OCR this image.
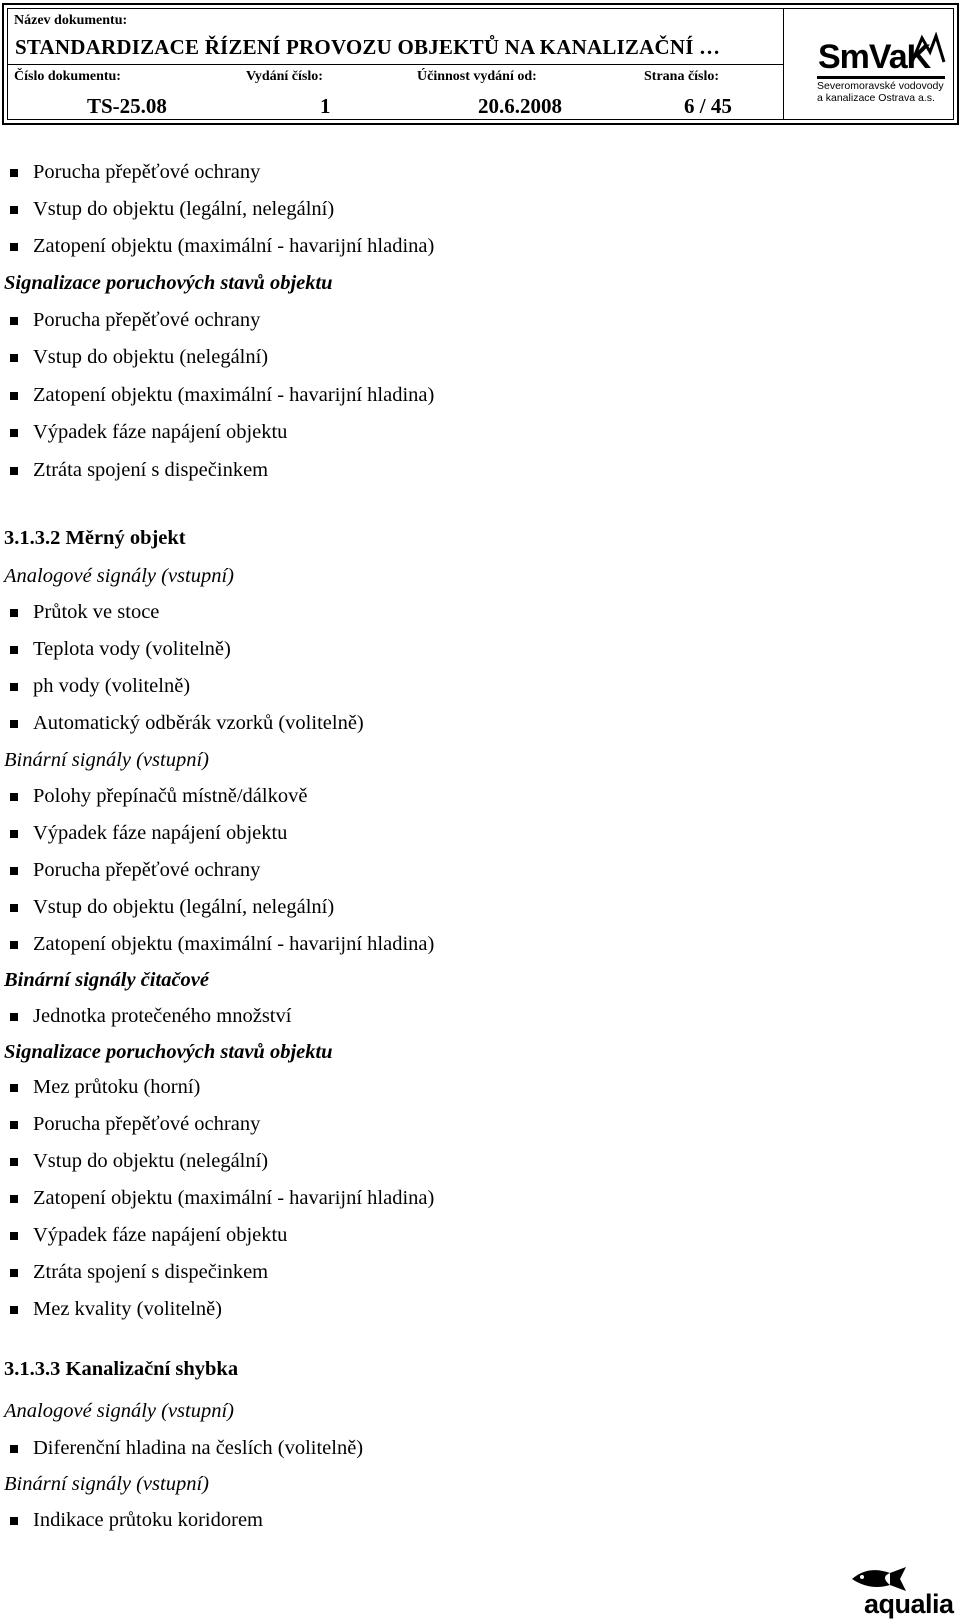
Název dokumentu:
STANDARDIZACE ŘÍZENÍ PROVOZU OBJEKTŮ NA KANALIZAČNÍ …
Číslo dokumentu:	Vydání číslo:	Účinnost vydání od:	Strana číslo:
TS-25.08	1	20.6.2008	6 / 45
SmVaK
Severomoravské vodovody
a kanalizace Ostrava a.s.
Porucha přepěťové ochrany
Vstup do objektu (legální, nelegální)
Zatopení objektu (maximální - havarijní hladina)
Signalizace poruchových stavů objektu
Porucha přepěťové ochrany
Vstup do objektu (nelegální)
Zatopení objektu (maximální - havarijní hladina)
Výpadek fáze napájení objektu
Ztráta spojení s dispečinkem
3.1.3.2 Měrný objekt
Analogové signály (vstupní)
Průtok ve stoce
Teplota vody (volitelně)
ph vody (volitelně)
Automatický odběrák vzorků (volitelně)
Binární signály (vstupní)
Polohy přepínačů místně/dálkově
Výpadek fáze napájení objektu
Porucha přepěťové ochrany
Vstup do objektu (legální, nelegální)
Zatopení objektu (maximální - havarijní hladina)
Binární signály čitačové
Jednotka protečeného množství
Signalizace poruchových stavů objektu
Mez průtoku (horní)
Porucha přepěťové ochrany
Vstup do objektu (nelegální)
Zatopení objektu (maximální - havarijní hladina)
Výpadek fáze napájení objektu
Ztráta spojení s dispečinkem
Mez kvality (volitelně)
3.1.3.3 Kanalizační shybka
Analogové signály (vstupní)
Diferenční hladina na česlích (volitelně)
Binární signály (vstupní)
Indikace průtoku koridorem
aqualia
